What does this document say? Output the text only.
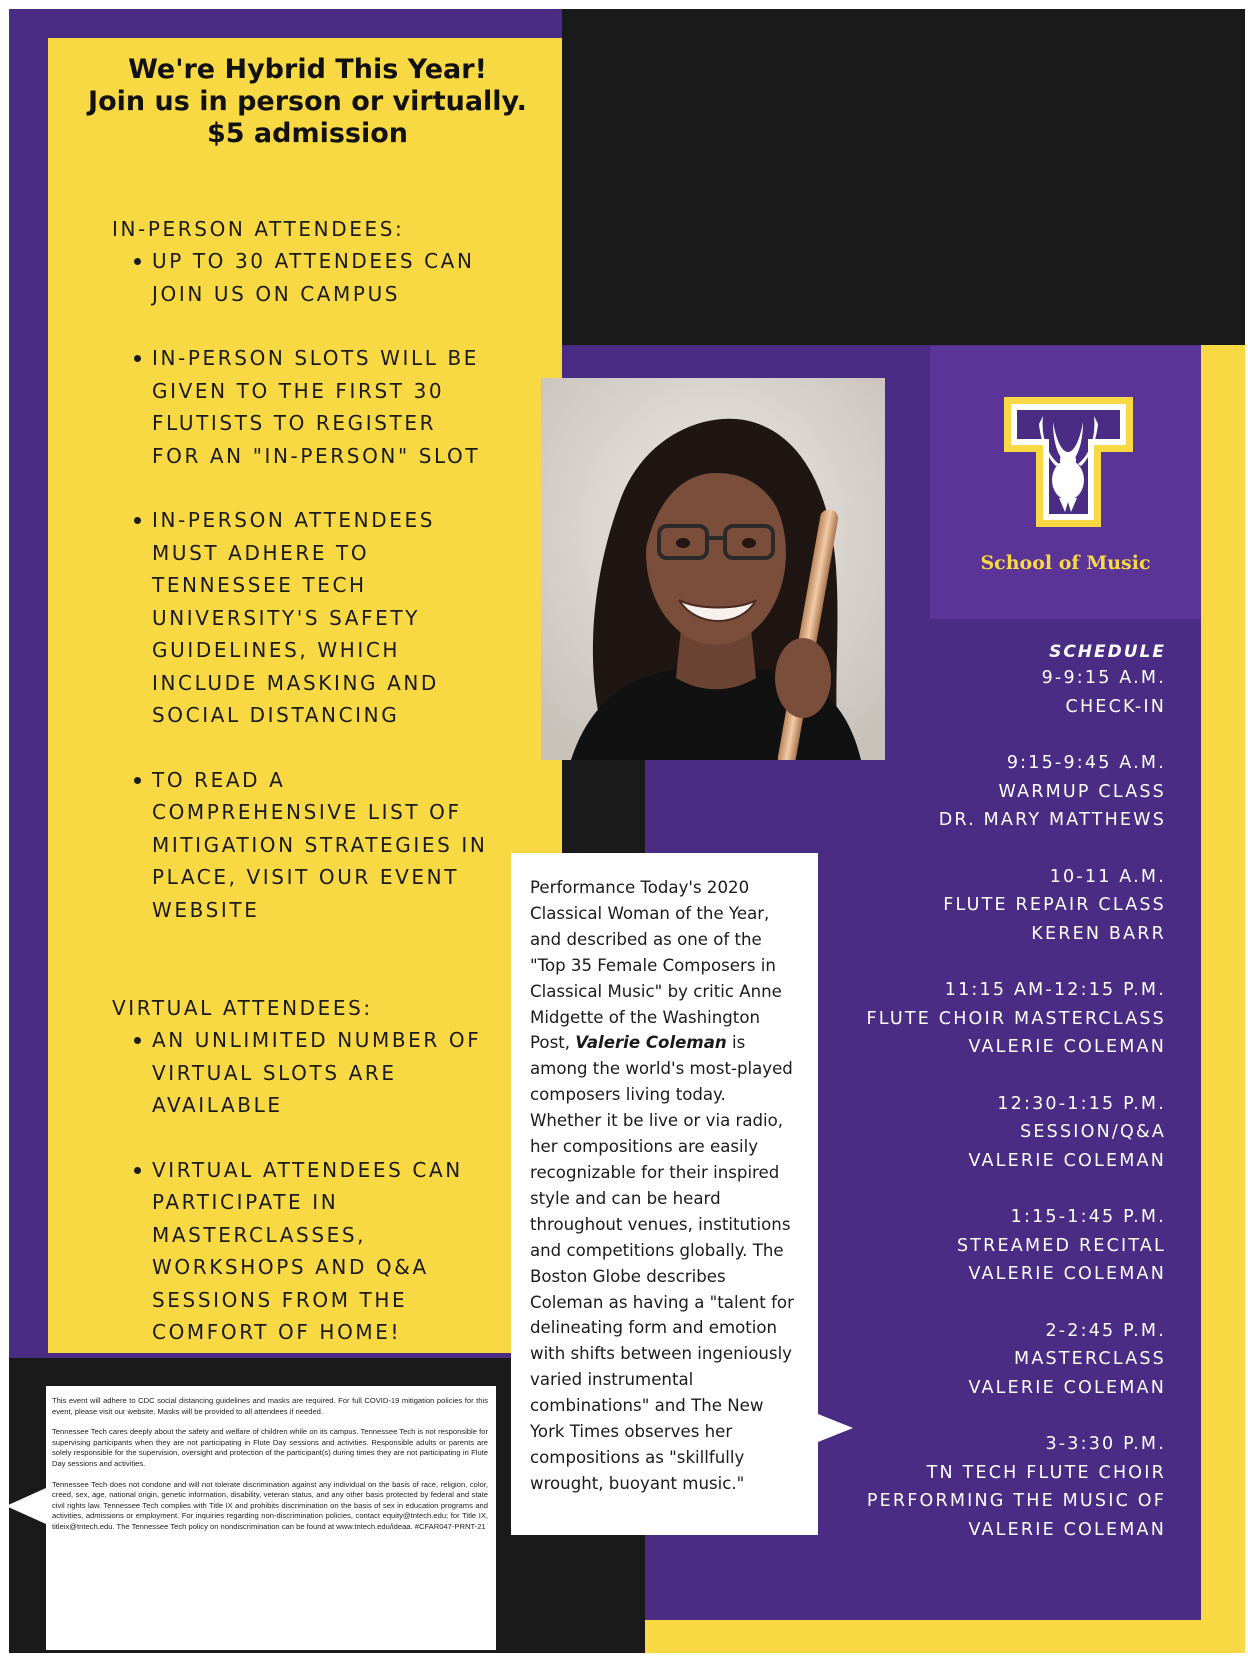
We're Hybrid This Year!
Join us in person or virtually.
$5 admission
IN-PERSON ATTENDEES:
UP TO 30 ATTENDEES CAN JOIN US ON CAMPUS
IN-PERSON SLOTS WILL BE GIVEN TO THE FIRST 30 FLUTISTS TO REGISTER FOR AN "IN-PERSON" SLOT
IN-PERSON ATTENDEES MUST ADHERE TO TENNESSEE TECH UNIVERSITY'S SAFETY GUIDELINES, WHICH INCLUDE MASKING AND SOCIAL DISTANCING
TO READ A COMPREHENSIVE LIST OF MITIGATION STRATEGIES IN PLACE, VISIT OUR EVENT WEBSITE
VIRTUAL ATTENDEES:
AN UNLIMITED NUMBER OF VIRTUAL SLOTS ARE AVAILABLE
VIRTUAL ATTENDEES CAN PARTICIPATE IN MASTERCLASSES, WORKSHOPS AND Q&A SESSIONS FROM THE COMFORT OF HOME!
School of Music
SCHEDULE
9-9:15 A.M.
CHECK-IN
9:15-9:45 A.M.
WARMUP CLASS
DR. MARY MATTHEWS
10-11 A.M.
FLUTE REPAIR CLASS
KEREN BARR
11:15 AM-12:15 P.M.
FLUTE CHOIR MASTERCLASS
VALERIE COLEMAN
12:30-1:15 P.M.
SESSION/Q&A
VALERIE COLEMAN
1:15-1:45 P.M.
STREAMED RECITAL
VALERIE COLEMAN
2-2:45 P.M.
MASTERCLASS
VALERIE COLEMAN
3-3:30 P.M.
TN TECH FLUTE CHOIR
PERFORMING THE MUSIC OF
VALERIE COLEMAN
Performance Today's 2020 Classical Woman of the Year, and described as one of the "Top 35 Female Composers in Classical Music" by critic Anne Midgette of the Washington Post, Valerie Coleman is among the world's most-played composers living today. Whether it be live or via radio, her compositions are easily recognizable for their inspired style and can be heard throughout venues, institutions and competitions globally. The Boston Globe describes Coleman as having a "talent for delineating form and emotion with shifts between ingeniously varied instrumental combinations" and The New York Times observes her compositions as "skillfully wrought, buoyant music."

This event will adhere to CDC social distancing guidelines and masks are required. For full COVID-19 mitigation policies for this event, please visit our website. Masks will be provided to all attendees if needed.

Tennessee Tech cares deeply about the safety and welfare of children while on its campus. Tennessee Tech is not responsible for supervising participants when they are not participating in Flute Day sessions and activities. Responsible adults or parents are solely responsible for the supervision, oversight and protection of the participant(s) during times they are not participating in Flute Day sessions and activities.

Tennessee Tech does not condone and will not tolerate discrimination against any individual on the basis of race, religion, color, creed, sex, age, national origin, genetic information, disability, veteran status, and any other basis protected by federal and state civil rights law. Tennessee Tech complies with Title IX and prohibits discrimination on the basis of sex in education programs and activities, admissions or employment. For inquiries regarding non-discrimination policies, contact equity@tntech.edu; for Title IX, titleix@tntech.edu. The Tennessee Tech policy on nondiscrimination can be found at www.tntech.edu/ideaa. #CFAR047-PRNT-21
